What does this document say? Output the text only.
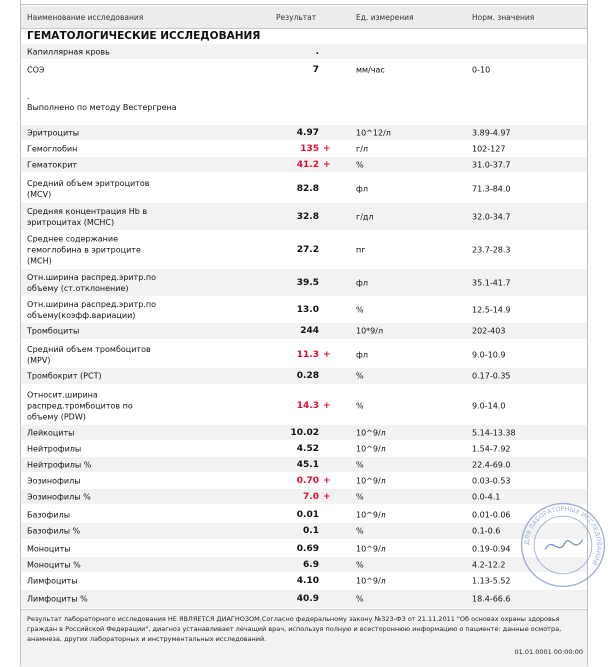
Наименование исследования	Результат	Ед. измерения	Норм. значения
ГЕМАТОЛОГИЧЕСКИЕ ИССЛЕДОВАНИЯ
Капиллярная кровь	.
СОЭ	7	мм/час	0-10
.
Выполнено по методу Вестергрена
Эритроциты	4.97	10^12/л	3.89-4.97
Гемоглобин	135 +	г/л	102-127
Гематокрит	41.2 +	%	31.0-37.7
Средний объем эритроцитов
(MCV)
82.8	фл	71.3-84.0
Средняя концентрация Hb в
эритроцитах (MCHC)
32.8	г/дл	32.0-34.7
Среднее содержание
гемоглобина в эритроците
(MCH)
27.2	пг	23.7-28.3
Отн.ширина распред.эритр.по
объему (ст.отклонение)
39.5	фл	35.1-41.7
Отн.ширина распред.эритр.по
объему(коэфф.вариации)
13.0	%	12.5-14.9
Тромбоциты	244	10*9/л	202-403
Средний объем тромбоцитов
(MPV)
11.3 +	фл	9.0-10.9
Тромбокрит (PCT)	0.28	%	0.17-0.35
Относит.ширина
распред.тромбоцитов по
объему (PDW)
14.3 +	%	9.0-14.0
Лейкоциты	10.02	10^9/л	5.14-13.38
Нейтрофилы	4.52	10^9/л	1.54-7.92
Нейтрофилы %	45.1	%	22.4-69.0
Эозинофилы	0.70 +	10^9/л	0.03-0.53
Эозинофилы %	7.0 +	%	0.0-4.1
Базофилы	0.01	10^9/л	0.01-0.06
Базофилы %	0.1	%	0.1-0.6
Моноциты	0.69	10^9/л	0.19-0.94
Моноциты %	6.9	%	4.2-12.2
Лимфоциты	4.10	10^9/л	1.13-5.52
Лимфоциты %	40.9	%	18.4-66.6
Результат лабораторного исследования НЕ ЯВЛЯЕТСЯ ДИАГНОЗОМ.Согласно федеральному закону №323-ФЗ от 21.11.2011 "Об основах охраны здоровья граждан в Российской Федерации", диагноз устанавливает лечащий врач, используя полную и всестороннюю информацию о пациенте: данные осмотра, анамнеза, других лабораторных и инструментальных исследований.
01.01.0001 00:00:00
ДЛЯ ЛАБОРАТОРНЫХ ИССЛЕДОВАНИЙ
